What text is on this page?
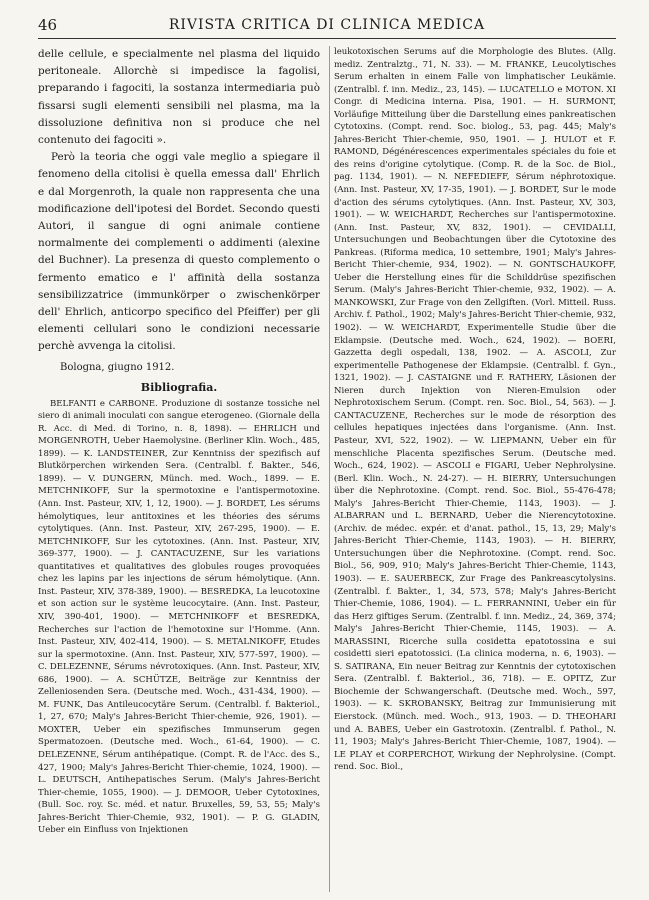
46	RIVISTA CRITICA DI CLINICA MEDICA

delle cellule, e specialmente nel plasma del liquido peritoneale. Allorchè si impedisce la fagolisi, preparando i fagociti, la sostanza intermediaria può fissarsi sugli elementi sensibili nel plasma, ma la dissoluzione definitiva non si produce che nel contenuto dei fagociti ».

Però la teoria che oggi vale meglio a spiegare il fenomeno della citolisi è quella emessa dall' Ehrlich e dal Morgenroth, la quale non rappresenta che una modificazione dell'ipotesi del Bordet. Secondo questi Autori, il sangue di ogni animale contiene normalmente dei complementi o addimenti (alexine del Buchner). La presenza di questo complemento o fermento ematico e l' affinità della sostanza sensibilizzatrice (immunkörper o zwischenkörper dell' Ehrlich, anticorpo specifico del Pfeiffer) per gli elementi cellulari sono le condizioni necessarie perchè avvenga la citolisi.

Bologna, giugno 1912.

Bibliografia.

BELFANTI e CARBONE. Produzione di sostanze tossiche nel siero di animali inoculati con sangue eterogeneo. (Giornale della R. Acc. di Med. di Torino, n. 8, 1898). — EHRLICH und MORGENROTH, Ueber Haemolysine. (Berliner Klin. Woch., 485, 1899). — K. LANDSTEINER, Zur Kenntniss der spezifisch auf Blutkörperchen wirkenden Sera. (Centralbl. f. Bakter., 546, 1899). — V. DUNGERN, Münch. med. Woch., 1899. — E. METCHNIKOFF, Sur la spermotoxine e l'antispermotoxine. (Ann. Inst. Pasteur, XIV, 1, 12, 1900). — J. BORDET, Les sérums hémolytiques, leur antitoxines et les théories des sérums cytolytiques. (Ann. Inst. Pasteur, XIV, 267-295, 1900). — E. METCHNIKOFF, Sur les cytotoxines. (Ann. Inst. Pasteur, XIV, 369-377, 1900). — J. CANTACUZENE, Sur les variations quantitatives et qualitatives des globules rouges provoquées chez les lapins par les injections de sérum hémolytique. (Ann. Inst. Pasteur, XIV, 378-389, 1900). — BESREDKA, La leucotoxine et son action sur le système leucocytaire. (Ann. Inst. Pasteur, XIV, 390-401, 1900). — METCHNIKOFF et BESREDKA, Recherches sur l'action de l'hemotoxine sur l'Homme. (Ann. Inst. Pasteur, XIV, 402-414, 1900). — S. METALNIKOFF, Etudes sur la spermotoxine. (Ann. Inst. Pasteur, XIV, 577-597, 1900). — C. DELEZENNE, Sérums névrotoxiques. (Ann. Inst. Pasteur, XIV, 686, 1900). — A. SCHÜTZE, Beiträge zur Kenntniss der Zelleniosenden Sera. (Deutsche med. Woch., 431-434, 1900). — M. FUNK, Das Antileucocytäre Serum. (Centralbl. f. Bakteriol., 1, 27, 670; Maly's Jahres-Bericht Thier-chemie, 926, 1901). — MOXTER, Ueber ein spezifisches Immunserum gegen Spermatozoen. (Deutsche med. Woch., 61-64, 1900). — C. DELEZENNE, Sérum antihépatique. (Compt. R. de l'Acc. des S., 427, 1900; Maly's Jahres-Bericht Thier-chemie, 1024, 1900). — L. DEUTSCH, Antihepatisches Serum. (Maly's Jahres-Bericht Thier-chemie, 1055, 1900). — J. DEMOOR, Ueber Cytotoxines, (Bull. Soc. roy. Sc. méd. et natur. Bruxelles, 59, 53, 55; Maly's Jahres-Bericht Thier-Chemie, 932, 1901). — P. G. GLADIN, Ueber ein Einfluss von Injektionen

leukotoxischen Serums auf die Morphologie des Blutes. (Allg. mediz. Zentralztg., 71, N. 33). — M. FRANKE, Leucolytisches Serum erhalten in einem Falle von limphatischer Leukämie. (Zentralbl. f. inn. Mediz., 23, 145). — LUCATELLO e MOTON. XI Congr. di Medicina interna. Pisa, 1901. — H. SURMONT, Vorläufige Mitteilung über die Darstellung eines pankreatischen Cytotoxins. (Compt. rend. Soc. biolog., 53, pag. 445; Maly's Jahres-Bericht Thier-chemie, 950, 1901. — J. HULOT et F. RAMOND, Dégénérescences experimentales spéciales du foie et des reins d'origine cytolytique. (Comp. R. de la Soc. de Biol., pag. 1134, 1901). — N. NEFEDIEFF, Sérum néphrotoxique. (Ann. Inst. Pasteur, XV, 17-35, 1901). — J. BORDET, Sur le mode d'action des sérums cytolytiques. (Ann. Inst. Pasteur, XV, 303, 1901). — W. WEICHARDT, Recherches sur l'antispermotoxine. (Ann. Inst. Pasteur, XV, 832, 1901). — CEVIDALLI, Untersuchungen und Beobachtungen über die Cytotoxine des Pankreas. (Riforma medica, 10 settembre, 1901; Maly's Jahres-Bericht Thier-chemie, 934, 1902). — N. GONTSCHAUKOFF, Ueber die Herstellung eines für die Schilddrüse spezifischen Serum. (Maly's Jahres-Bericht Thier-chemie, 932, 1902). — A. MANKOWSKI, Zur Frage von den Zellgiften. (Vorl. Mitteil. Russ. Archiv. f. Pathol., 1902; Maly's Jahres-Bericht Thier-chemie, 932, 1902). — W. WEICHARDT, Experimentelle Studie über die Eklampsie. (Deutsche med. Woch., 624, 1902). — BOERI, Gazzetta degli ospedali, 138, 1902. — A. ASCOLI, Zur experimentelle Pathogenese der Eklampsie. (Centralbl. f. Gyn., 1321, 1902). — J. CASTAIGNE und F. RATHERY, Läsionen der Nieren durch Injektion von Nieren-Emulsion oder Nephrotoxischem Serum. (Compt. ren. Soc. Biol., 54, 563). — J. CANTACUZENE, Recherches sur le mode de résorption des cellules hepatiques injectées dans l'organisme. (Ann. Inst. Pasteur, XVI, 522, 1902). — W. LIEPMANN, Ueber ein für menschliche Placenta spezifisches Serum. (Deutsche med. Woch., 624, 1902). — ASCOLI e FIGARI, Ueber Nephrolysine. (Berl. Klin. Woch., N. 24-27). — H. BIERRY, Untersuchungen über die Nephrotoxine. (Compt. rend. Soc. Biol., 55-476-478; Maly's Jahres-Bericht Thier-Chemie, 1143, 1903). — J. ALBARRAN und L. BERNARD, Ueber die Nierencytotoxine. (Archiv. de médec. expér. et d'anat. pathol., 15, 13, 29; Maly's Jahres-Bericht Thier-Chemie, 1143, 1903). — H. BIERRY, Untersuchungen über die Nephrotoxine. (Compt. rend. Soc. Biol., 56, 909, 910; Maly's Jahres-Bericht Thier-Chemie, 1143, 1903). — E. SAUERBECK, Zur Frage des Pankreascytolysins. (Zentralbl. f. Bakter., 1, 34, 573, 578; Maly's Jahres-Bericht Thier-Chemie, 1086, 1904). — L. FERRANNINI, Ueber ein für das Herz giftiges Serum. (Zentralbl. f. inn. Mediz., 24, 369, 374; Maly's Jahres-Bericht Thier-Chemie, 1145, 1903). — A. MARASSINI, Ricerche sulla cosidetta epatotossina e sui cosidetti sieri epatotossici. (La clinica moderna, n. 6, 1903). — S. SATIRANA, Ein neuer Beitrag zur Kenntnis der cytotoxischen Sera. (Zentralbl. f. Bakteriol., 36, 718). — E. OPITZ, Zur Biochemie der Schwangerschaft. (Deutsche med. Woch., 597, 1903). — K. SKROBANSKY, Beitrag zur Immunisierung mit Eierstock. (Münch. med. Woch., 913, 1903. — D. THEOHARI und A. BABES, Ueber ein Gastrotoxin. (Zentralbl. f. Pathol., N. 11, 1903; Maly's Jahres-Bericht Thier-Chemie, 1087, 1904). — LE PLAY et CORPERCHOT, Wirkung der Nephrolysine. (Compt. rend. Soc. Biol.,
